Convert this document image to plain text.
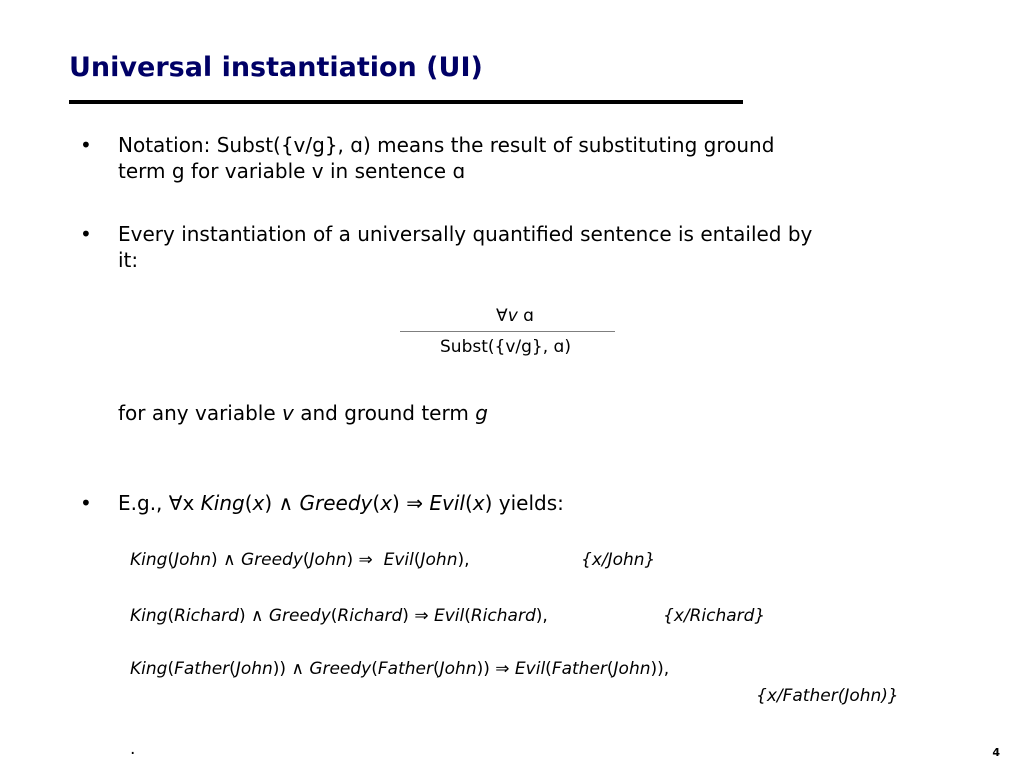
Universal instantiation (UI)
• Notation: Subst({v/g}, ɑ) means the result of substituting ground
term g for variable v in sentence ɑ
• Every instantiation of a universally quantified sentence is entailed by
it:
∀v ɑ
Subst({v/g}, ɑ)
for any variable v and ground term g
• E.g., ∀x King(x) ∧ Greedy(x) ⇒ Evil(x) yields:
King(John) ∧ Greedy(John) ⇒ Evil(John),	{x/John}
King(Richard) ∧ Greedy(Richard) ⇒ Evil(Richard),	{x/Richard}
King(Father(John)) ∧ Greedy(Father(John)) ⇒ Evil(Father(John)),
{x/Father(John)}
.	4
